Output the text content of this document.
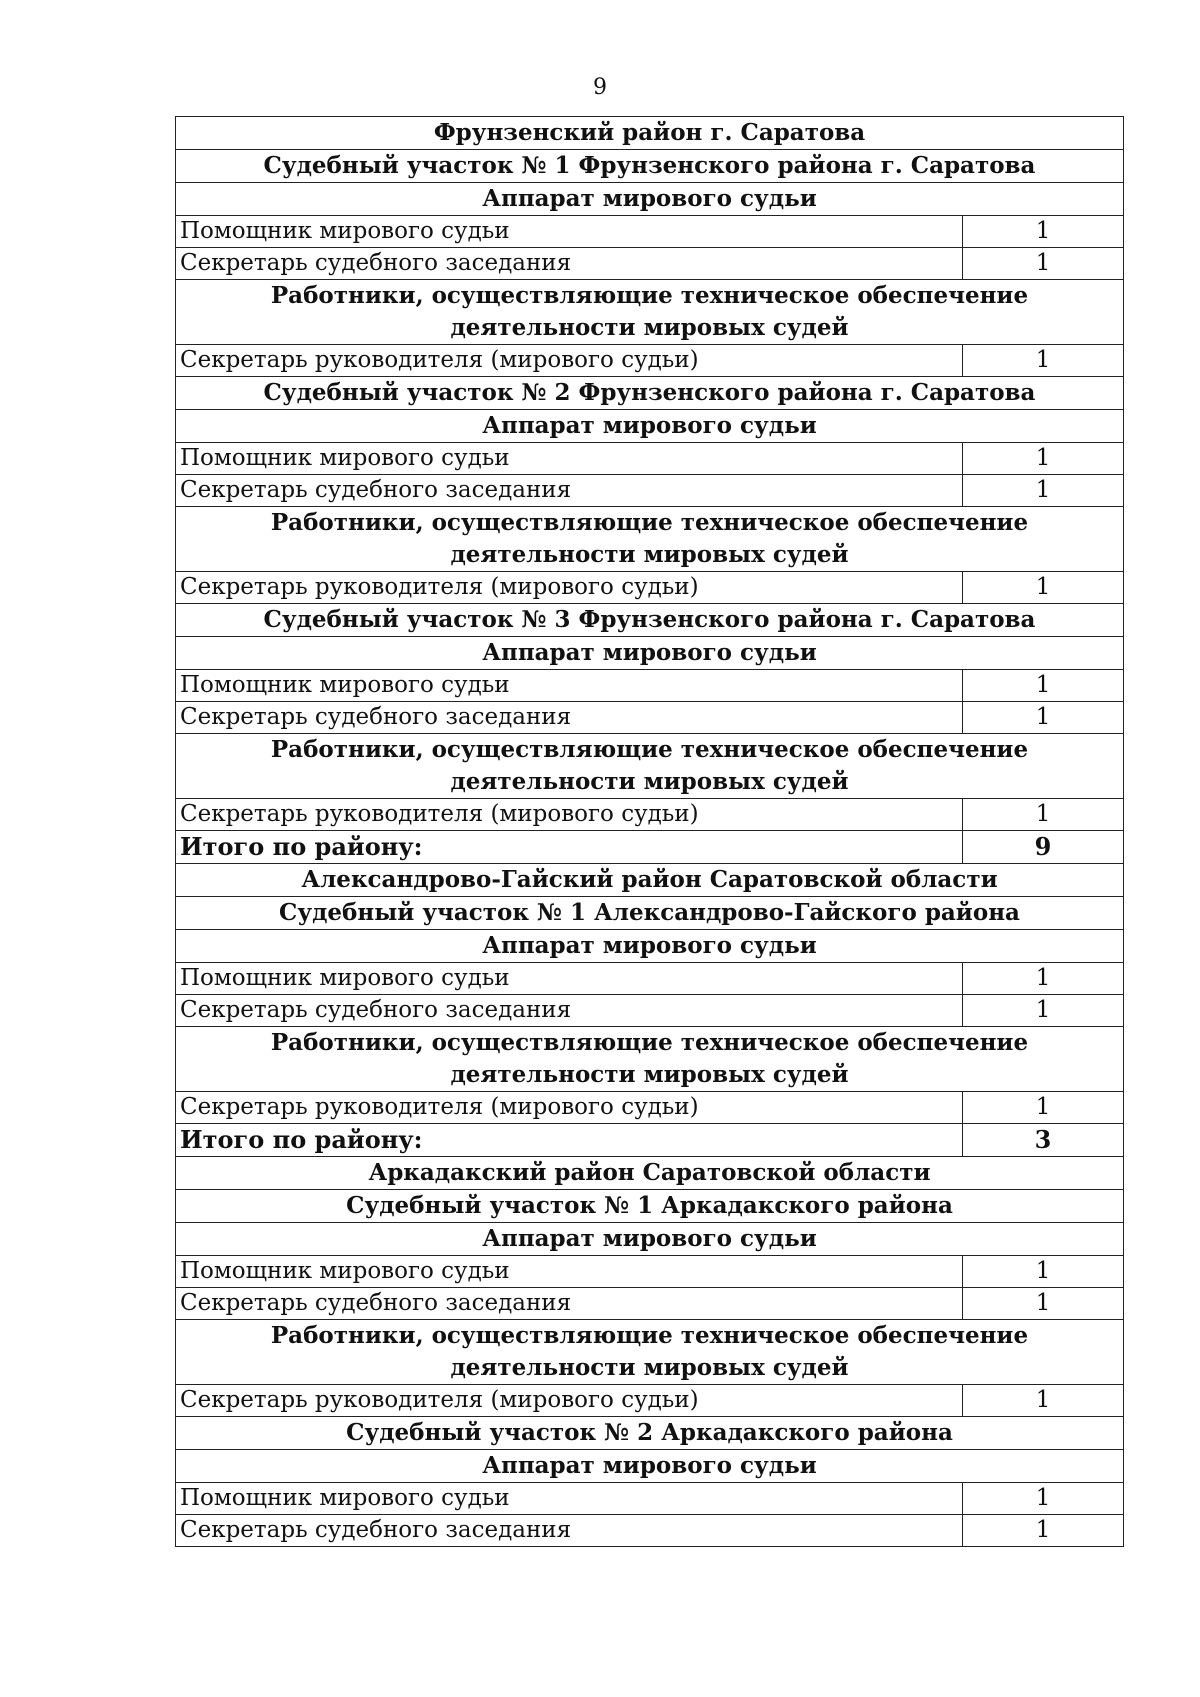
9
Фрунзенский район г. Саратова	
Судебный участок № 1 Фрунзенского района г. Саратова	
Аппарат мирового судьи	
Помощник мирового судьи	1
Секретарь судебного заседания	1
Работники, осуществляющие техническое обеспечение деятельности мировых судей	
Секретарь руководителя (мирового судьи)	1
Судебный участок № 2 Фрунзенского района г. Саратова	
Аппарат мирового судьи	
Помощник мирового судьи	1
Секретарь судебного заседания	1
Работники, осуществляющие техническое обеспечение деятельности мировых судей	
Секретарь руководителя (мирового судьи)	1
Судебный участок № 3 Фрунзенского района г. Саратова	
Аппарат мирового судьи	
Помощник мирового судьи	1
Секретарь судебного заседания	1
Работники, осуществляющие техническое обеспечение деятельности мировых судей	
Секретарь руководителя (мирового судьи)	1
Итого по району:	9
Александрово-Гайский район Саратовской области	
Судебный участок № 1 Александрово-Гайского района	
Аппарат мирового судьи	
Помощник мирового судьи	1
Секретарь судебного заседания	1
Работники, осуществляющие техническое обеспечение деятельности мировых судей	
Секретарь руководителя (мирового судьи)	1
Итого по району:	3
Аркадакский район Саратовской области	
Судебный участок № 1 Аркадакского района	
Аппарат мирового судьи	
Помощник мирового судьи	1
Секретарь судебного заседания	1
Работники, осуществляющие техническое обеспечение деятельности мировых судей	
Секретарь руководителя (мирового судьи)	1
Судебный участок № 2 Аркадакского района	
Аппарат мирового судьи	
Помощник мирового судьи	1
Секретарь судебного заседания	1
